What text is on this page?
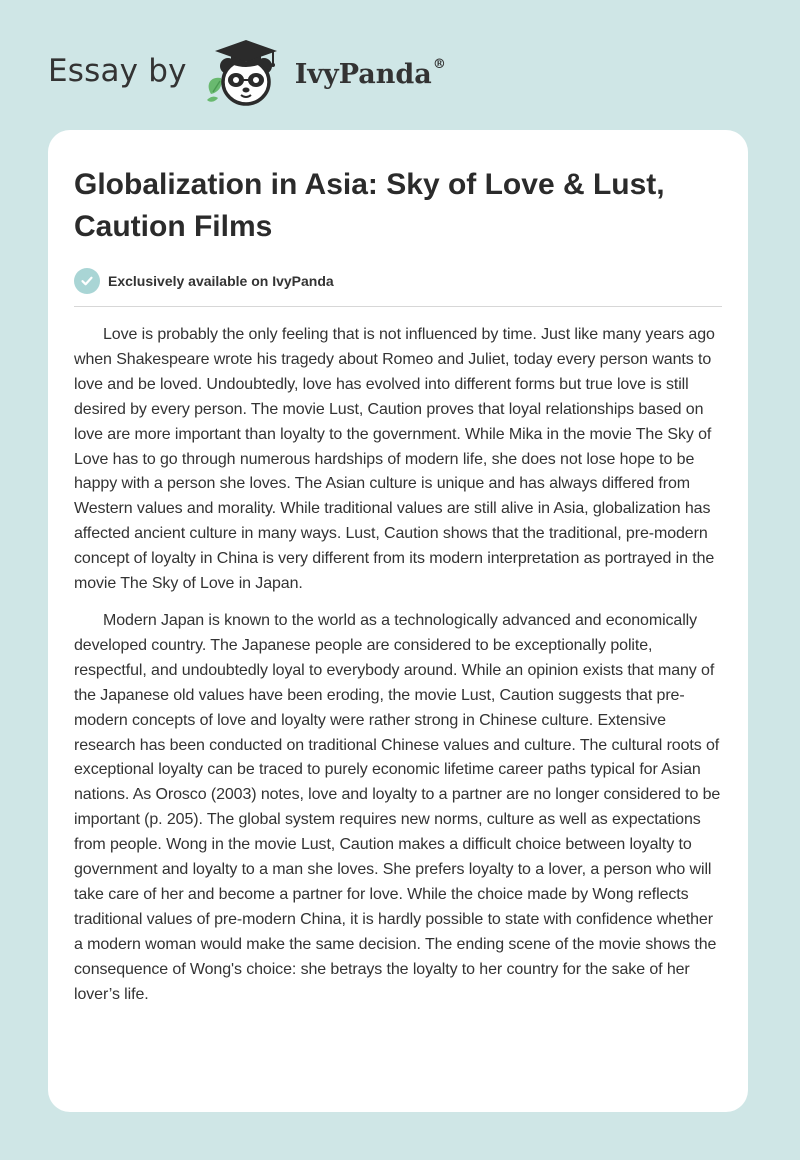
Essay by	IvyPanda®
Globalization in Asia: Sky of Love & Lust, Caution Films
Exclusively available on IvyPanda

Love is probably the only feeling that is not influenced by time. Just like many years ago when Shakespeare wrote his tragedy about Romeo and Juliet, today every person wants to love and be loved. Undoubtedly, love has evolved into different forms but true love is still desired by every person. The movie Lust, Caution proves that loyal relationships based on love are more important than loyalty to the government. While Mika in the movie The Sky of Love has to go through numerous hardships of modern life, she does not lose hope to be happy with a person she loves. The Asian culture is unique and has always differed from Western values and morality. While traditional values are still alive in Asia, globalization has affected ancient culture in many ways. Lust, Caution shows that the traditional, pre-modern concept of loyalty in China is very different from its modern interpretation as portrayed in the movie The Sky of Love in Japan.

Modern Japan is known to the world as a technologically advanced and economically developed country. The Japanese people are considered to be exceptionally polite, respectful, and undoubtedly loyal to everybody around. While an opinion exists that many of the Japanese old values have been eroding, the movie Lust, Caution suggests that pre-modern concepts of love and loyalty were rather strong in Chinese culture. Extensive research has been conducted on traditional Chinese values and culture. The cultural roots of exceptional loyalty can be traced to purely economic lifetime career paths typical for Asian nations. As Orosco (2003) notes, love and loyalty to a partner are no longer considered to be important (p. 205). The global system requires new norms, culture as well as expectations from people. Wong in the movie Lust, Caution makes a difficult choice between loyalty to government and loyalty to a man she loves. She prefers loyalty to a lover, a person who will take care of her and become a partner for love. While the choice made by Wong reflects traditional values of pre-modern China, it is hardly possible to state with confidence whether a modern woman would make the same decision. The ending scene of the movie shows the consequence of Wong's choice: she betrays the loyalty to her country for the sake of her lover’s life.
